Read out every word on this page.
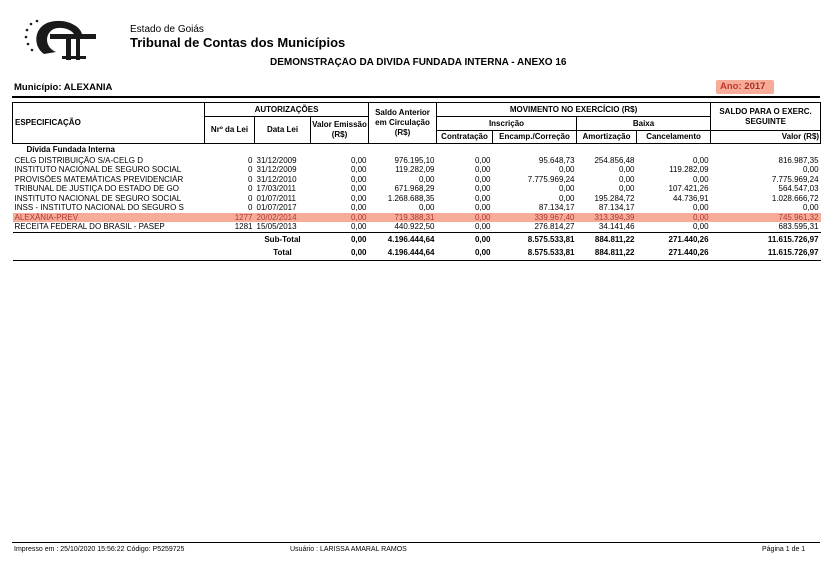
Estado de Goiás
Tribunal de Contas dos Municípios
DEMONSTRAÇÃO DA DÍVIDA FUNDADA INTERNA - ANEXO 16
Município: ALEXANIA	Ano: 2017
ESPECIFICAÇÃO	AUTORIZAÇÕES			Saldo Anterior em Circulação (R$)	MOVIMENTO NO EXERCÍCIO (R$)				SALDO PARA O EXERC. SEGUINTE
	Nrº da Lei	Data Lei	Valor Emissão (R$)		Inscrição		Baixa		
					Contratação	Encamp./Correção	Amortização	Cancelamento	Valor (R$)
Dívida Fundada Interna									
CELG DISTRIBUIÇÃO S/A-CELG D	0	31/12/2009	0,00	976.195,10	0,00	95.648,73	254.856,48	0,00	816.987,35
INSTITUTO NACIONAL DE SEGURO SOCIAL	0	31/12/2009	0,00	119.282,09	0,00	0,00	0,00	119.282,09	0,00
PROVISÕES MATEMÁTICAS PREVIDENCIÁR	0	31/12/2010	0,00	0,00	0,00	7.775.969,24	0,00	0,00	7.775.969,24
TRIBUNAL DE JUSTIÇA DO ESTADO DE GO	0	17/03/2011	0,00	671.968,29	0,00	0,00	0,00	107.421,26	564.547,03
INSTITUTO NACIONAL DE SEGURO SOCIAL	0	01/07/2011	0,00	1.268.688,35	0,00	0,00	195.284,72	44.736,91	1.028.666,72
INSS - INSTITUTO NACIONAL DO SEGURO S	0	01/07/2017	0,00	0,00	0,00	87.134,17	87.134,17	0,00	0,00
ALEXÂNIA-PREV	1277	20/02/2014	0,00	719.388,31	0,00	339.967,40	313.394,39	0,00	745.961,32
RECEITA FEDERAL DO BRASIL - PASEP	1281	15/05/2013	0,00	440.922,50	0,00	276.814,27	34.141,46	0,00	683.595,31
		Sub-Total	0,00	4.196.444,64	0,00	8.575.533,81	884.811,22	271.440,26	11.615.726,97
		Total	0,00	4.196.444,64	0,00	8.575.533,81	884.811,22	271.440,26	11.615.726,97
Impresso em : 25/10/2020 15:56:22 Código: P5259725	Usuário : LARISSA AMARAL RAMOS	Página 1 de 1
